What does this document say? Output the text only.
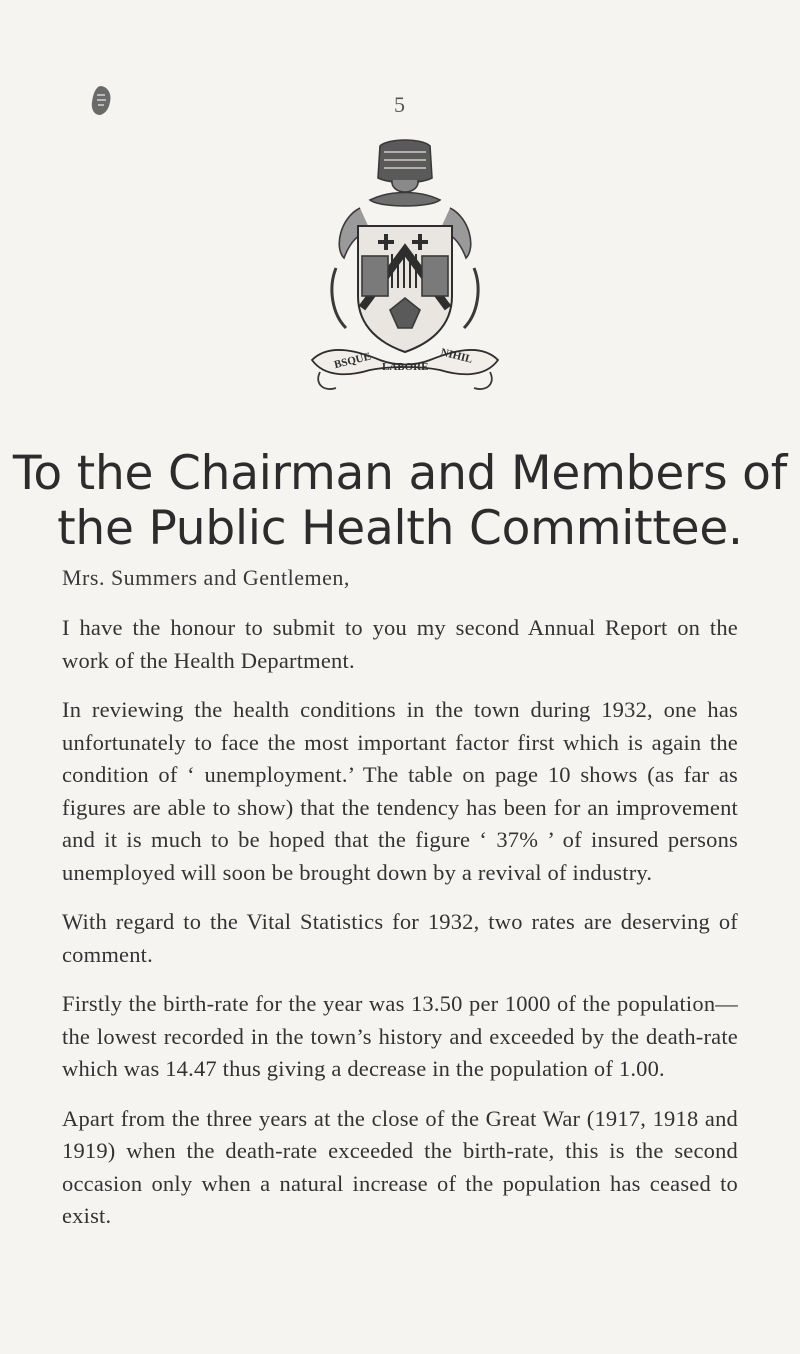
5
BSQUE LABORE
NIHIL
To the Chairman and Members of
the Public Health Committee.
Mrs. Summers and Gentlemen,

I have the honour to submit to you my second Annual Report on the work of the Health Department.

In reviewing the health conditions in the town during 1932, one has unfortunately to face the most important factor first which is again the condition of ‘ unemployment.’ The table on page 10 shows (as far as figures are able to show) that the tendency has been for an improvement and it is much to be hoped that the figure ‘ 37% ’ of insured persons unemployed will soon be brought down by a revival of industry.

With regard to the Vital Statistics for 1932, two rates are deserving of comment.

Firstly the birth-rate for the year was 13.50 per 1000 of the population—the lowest recorded in the town’s history and exceeded by the death-rate which was 14.47 thus giving a decrease in the population of 1.00.

Apart from the three years at the close of the Great War (1917, 1918 and 1919) when the death-rate exceeded the birth-rate, this is the second occasion only when a natural increase of the population has ceased to exist.
